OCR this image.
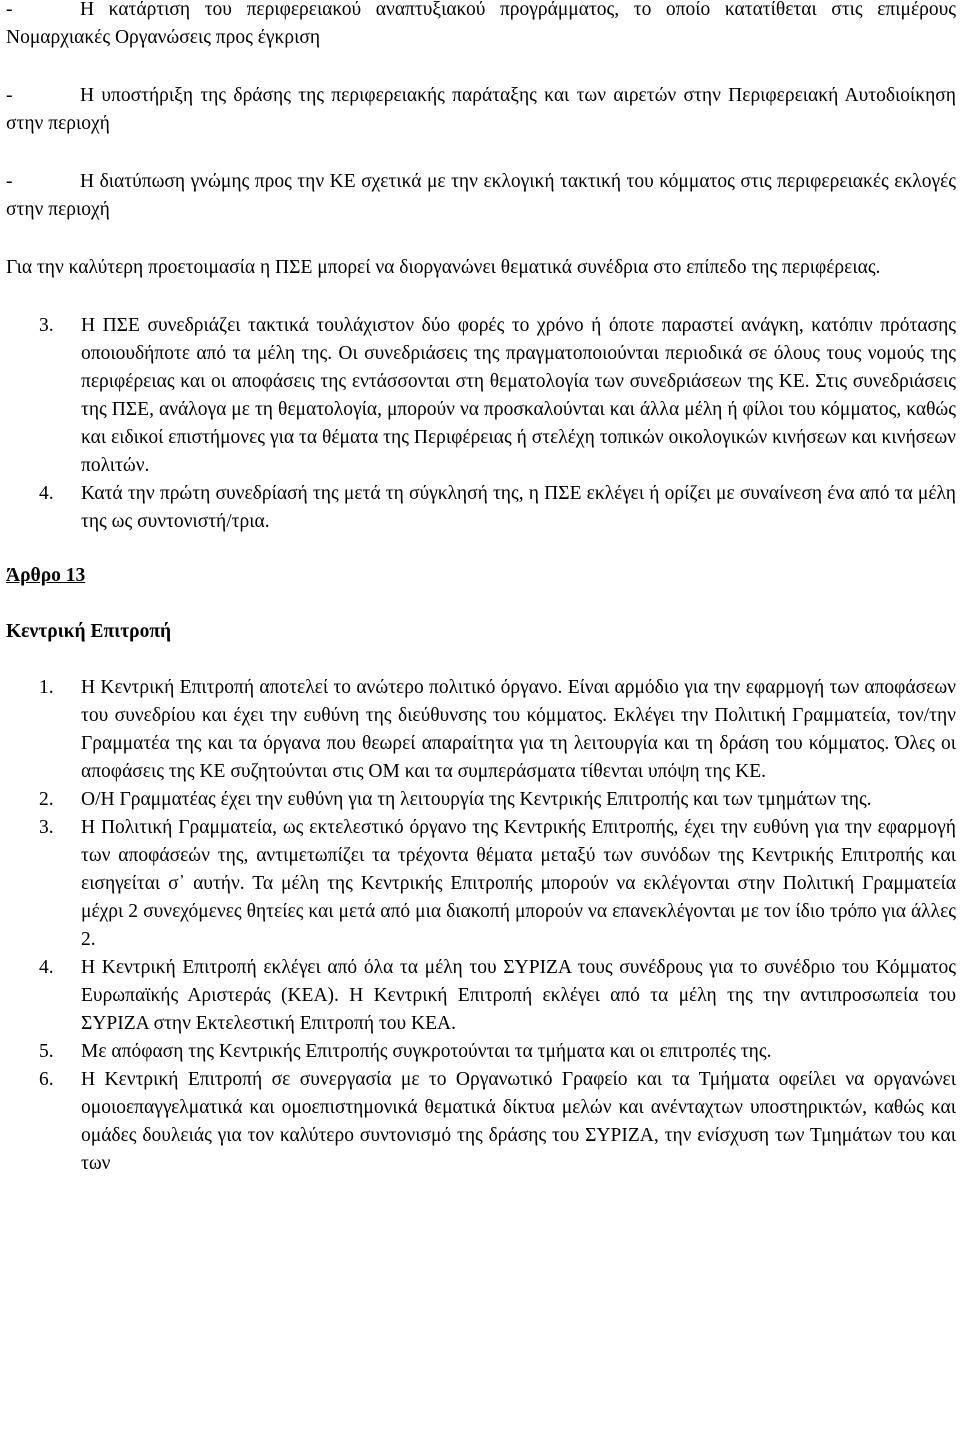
-	Η κατάρτιση του περιφερειακού αναπτυξιακού προγράμματος, το οποίο κατατίθεται στις επιμέρους Νομαρχιακές Οργανώσεις προς έγκριση

-	Η υποστήριξη της δράσης της περιφερειακής παράταξης και των αιρετών στην Περιφερειακή Αυτοδιοίκηση στην περιοχή

-	Η διατύπωση γνώμης προς την ΚΕ σχετικά με την εκλογική τακτική του κόμματος στις περιφερειακές εκλογές στην περιοχή

Για την καλύτερη προετοιμασία η ΠΣΕ μπορεί να διοργανώνει θεματικά συνέδρια στο επίπεδο της περιφέρειας.

3. Η ΠΣΕ συνεδριάζει τακτικά τουλάχιστον δύο φορές το χρόνο ή όποτε παραστεί ανάγκη, κατόπιν πρότασης οποιουδήποτε από τα μέλη της. Οι συνεδριάσεις της πραγματοποιούνται περιοδικά σε όλους τους νομούς της περιφέρειας και οι αποφάσεις της εντάσσονται στη θεματολογία των συνεδριάσεων της ΚΕ. Στις συνεδριάσεις της ΠΣΕ, ανάλογα με τη θεματολογία, μπορούν να προσκαλούνται και άλλα μέλη ή φίλοι του κόμματος, καθώς και ειδικοί επιστήμονες για τα θέματα της Περιφέρειας ή στελέχη τοπικών οικολογικών κινήσεων και κινήσεων πολιτών.
4. Κατά την πρώτη συνεδρίασή της μετά τη σύγκλησή της, η ΠΣΕ εκλέγει ή ορίζει με συναίνεση ένα από τα μέλη της ως συντονιστή/τρια.

Άρθρο 13

Κεντρική Επιτροπή

1. Η Κεντρική Επιτροπή αποτελεί το ανώτερο πολιτικό όργανο. Είναι αρμόδιο για την εφαρμογή των αποφάσεων του συνεδρίου και έχει την ευθύνη της διεύθυνσης του κόμματος. Εκλέγει την Πολιτική Γραμματεία, τον/την Γραμματέα της και τα όργανα που θεωρεί απαραίτητα για τη λειτουργία και τη δράση του κόμματος. Όλες οι αποφάσεις της ΚΕ συζητούνται στις ΟΜ και τα συμπεράσματα τίθενται υπόψη της ΚΕ.
2. Ο/Η Γραμματέας έχει την ευθύνη για τη λειτουργία της Κεντρικής Επιτροπής και των τμημάτων της.
3. Η Πολιτική Γραμματεία, ως εκτελεστικό όργανο της Κεντρικής Επιτροπής, έχει την ευθύνη για την εφαρμογή των αποφάσεών της, αντιμετωπίζει τα τρέχοντα θέματα μεταξύ των συνόδων της Κεντρικής Επιτροπής και εισηγείται σ᾽ αυτήν. Τα μέλη της Κεντρικής Επιτροπής μπορούν να εκλέγονται στην Πολιτική Γραμματεία μέχρι 2 συνεχόμενες θητείες και μετά από μια διακοπή μπορούν να επανεκλέγονται με τον ίδιο τρόπο για άλλες 2.
4. Η Κεντρική Επιτροπή εκλέγει από όλα τα μέλη του ΣΥΡΙΖΑ τους συνέδρους για το συνέδριο του Κόμματος Ευρωπαϊκής Αριστεράς (ΚΕΑ). Η Κεντρική Επιτροπή εκλέγει από τα μέλη της την αντιπροσωπεία του ΣΥΡΙΖΑ στην Εκτελεστική Επιτροπή του ΚΕΑ.
5. Με απόφαση της Κεντρικής Επιτροπής συγκροτούνται τα τμήματα και οι επιτροπές της.
6. Η Κεντρική Επιτροπή σε συνεργασία με το Οργανωτικό Γραφείο και τα Τμήματα οφείλει να οργανώνει ομοιοεπαγγελματικά και ομοεπιστημονικά θεματικά δίκτυα μελών και ανένταχτων υποστηρικτών, καθώς και ομάδες δουλειάς για τον καλύτερο συντονισμό της δράσης του ΣΥΡΙΖΑ, την ενίσχυση των Τμημάτων του και των
